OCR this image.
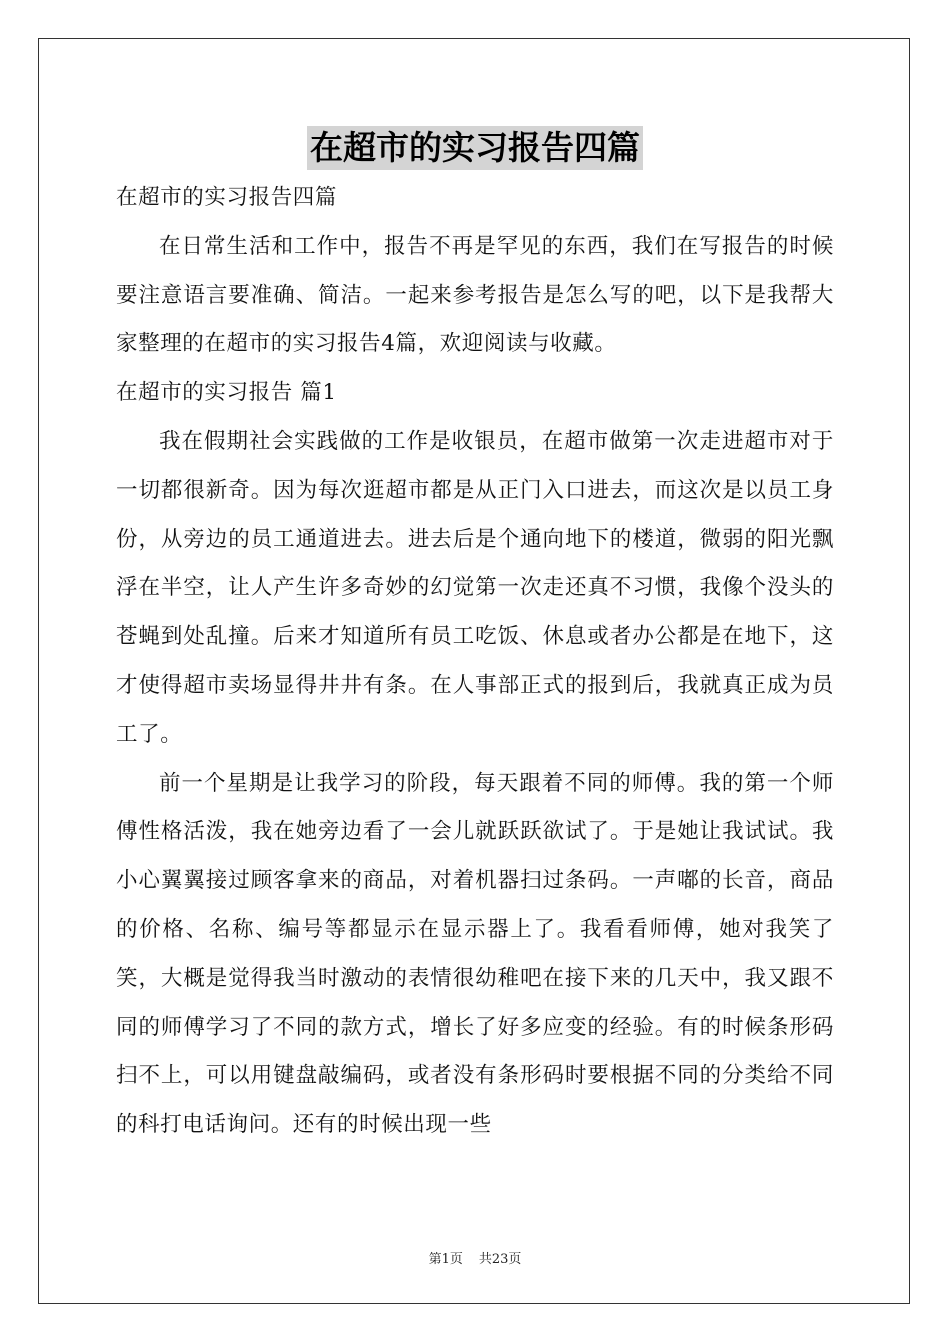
在超市的实习报告四篇

在超市的实习报告四篇

在日常生活和工作中，报告不再是罕见的东西，我们在写报告的时候要注意语言要准确、简洁。一起来参考报告是怎么写的吧，以下是我帮大家整理的在超市的实习报告4篇，欢迎阅读与收藏。

在超市的实习报告 篇1

我在假期社会实践做的工作是收银员，在超市做第一次走进超市对于一切都很新奇。因为每次逛超市都是从正门入口进去，而这次是以员工身份，从旁边的员工通道进去。进去后是个通向地下的楼道，微弱的阳光飘浮在半空，让人产生许多奇妙的幻觉第一次走还真不习惯，我像个没头的苍蝇到处乱撞。后来才知道所有员工吃饭、休息或者办公都是在地下，这才使得超市卖场显得井井有条。在人事部正式的报到后，我就真正成为员工了。

前一个星期是让我学习的阶段，每天跟着不同的师傅。我的第一个师傅性格活泼，我在她旁边看了一会儿就跃跃欲试了。于是她让我试试。我小心翼翼接过顾客拿来的商品，对着机器扫过条码。一声嘟的长音，商品的价格、名称、编号等都显示在显示器上了。我看看师傅，她对我笑了笑，大概是觉得我当时激动的表情很幼稚吧在接下来的几天中，我又跟不同的师傅学习了不同的款方式，增长了好多应变的经验。有的时候条形码扫不上，可以用键盘敲编码，或者没有条形码时要根据不同的分类给不同的科打电话询问。还有的时候出现一些

第1页 共23页
